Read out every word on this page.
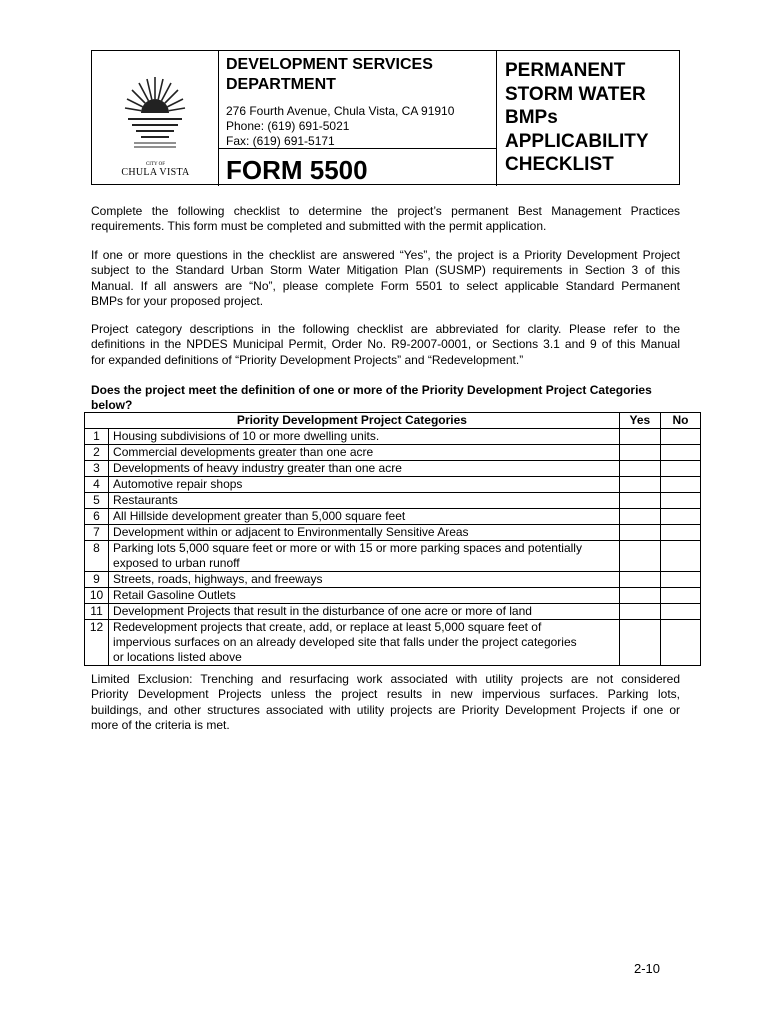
CITY OF
CHULA VISTA
DEVELOPMENT SERVICES
DEPARTMENT
276 Fourth Avenue, Chula Vista, CA 91910
Phone: (619) 691-5021
Fax: (619) 691-5171
FORM 5500
PERMANENT
STORM WATER
BMPs
APPLICABILITY
CHECKLIST
Complete the following checklist to determine the project’s permanent Best Management Practices
requirements. This form must be completed and submitted with the permit application.
If one or more questions in the checklist are answered “Yes”, the project is a Priority Development Project
subject to the Standard Urban Storm Water Mitigation Plan (SUSMP) requirements in Section 3 of this
Manual. If all answers are “No”, please complete Form 5501 to select applicable Standard Permanent
BMPs for your proposed project.
Project category descriptions in the following checklist are abbreviated for clarity. Please refer to the
definitions in the NPDES Municipal Permit, Order No. R9-2007-0001, or Sections 3.1 and 9 of this Manual
for expanded definitions of “Priority Development Projects” and “Redevelopment.”
Does the project meet the definition of one or more of the Priority Development Project Categories
below?
Priority Development Project Categories		Yes	No
1	Housing subdivisions of 10 or more dwelling units.		

2	Commercial developments greater than one acre		

3	Developments of heavy industry greater than one acre		

4	Automotive repair shops		

5	Restaurants		

6	All Hillside development greater than 5,000 square feet		

7	Development within or adjacent to Environmentally Sensitive Areas		

8	Parking lots 5,000 square feet or more or with 15 or more parking spaces and potentially
exposed to urban runoff		

9	Streets, roads, highways, and freeways		

10	Retail Gasoline Outlets		

11	Development Projects that result in the disturbance of one acre or more of land		

12	Redevelopment projects that create, add, or replace at least 5,000 square feet of
impervious surfaces on an already developed site that falls under the project categories
or locations listed above		

Limited Exclusion: Trenching and resurfacing work associated with utility projects are not considered
Priority Development Projects unless the project results in new impervious surfaces. Parking lots,
buildings, and other structures associated with utility projects are Priority Development Projects if one or
more of the criteria is met.
2-10
